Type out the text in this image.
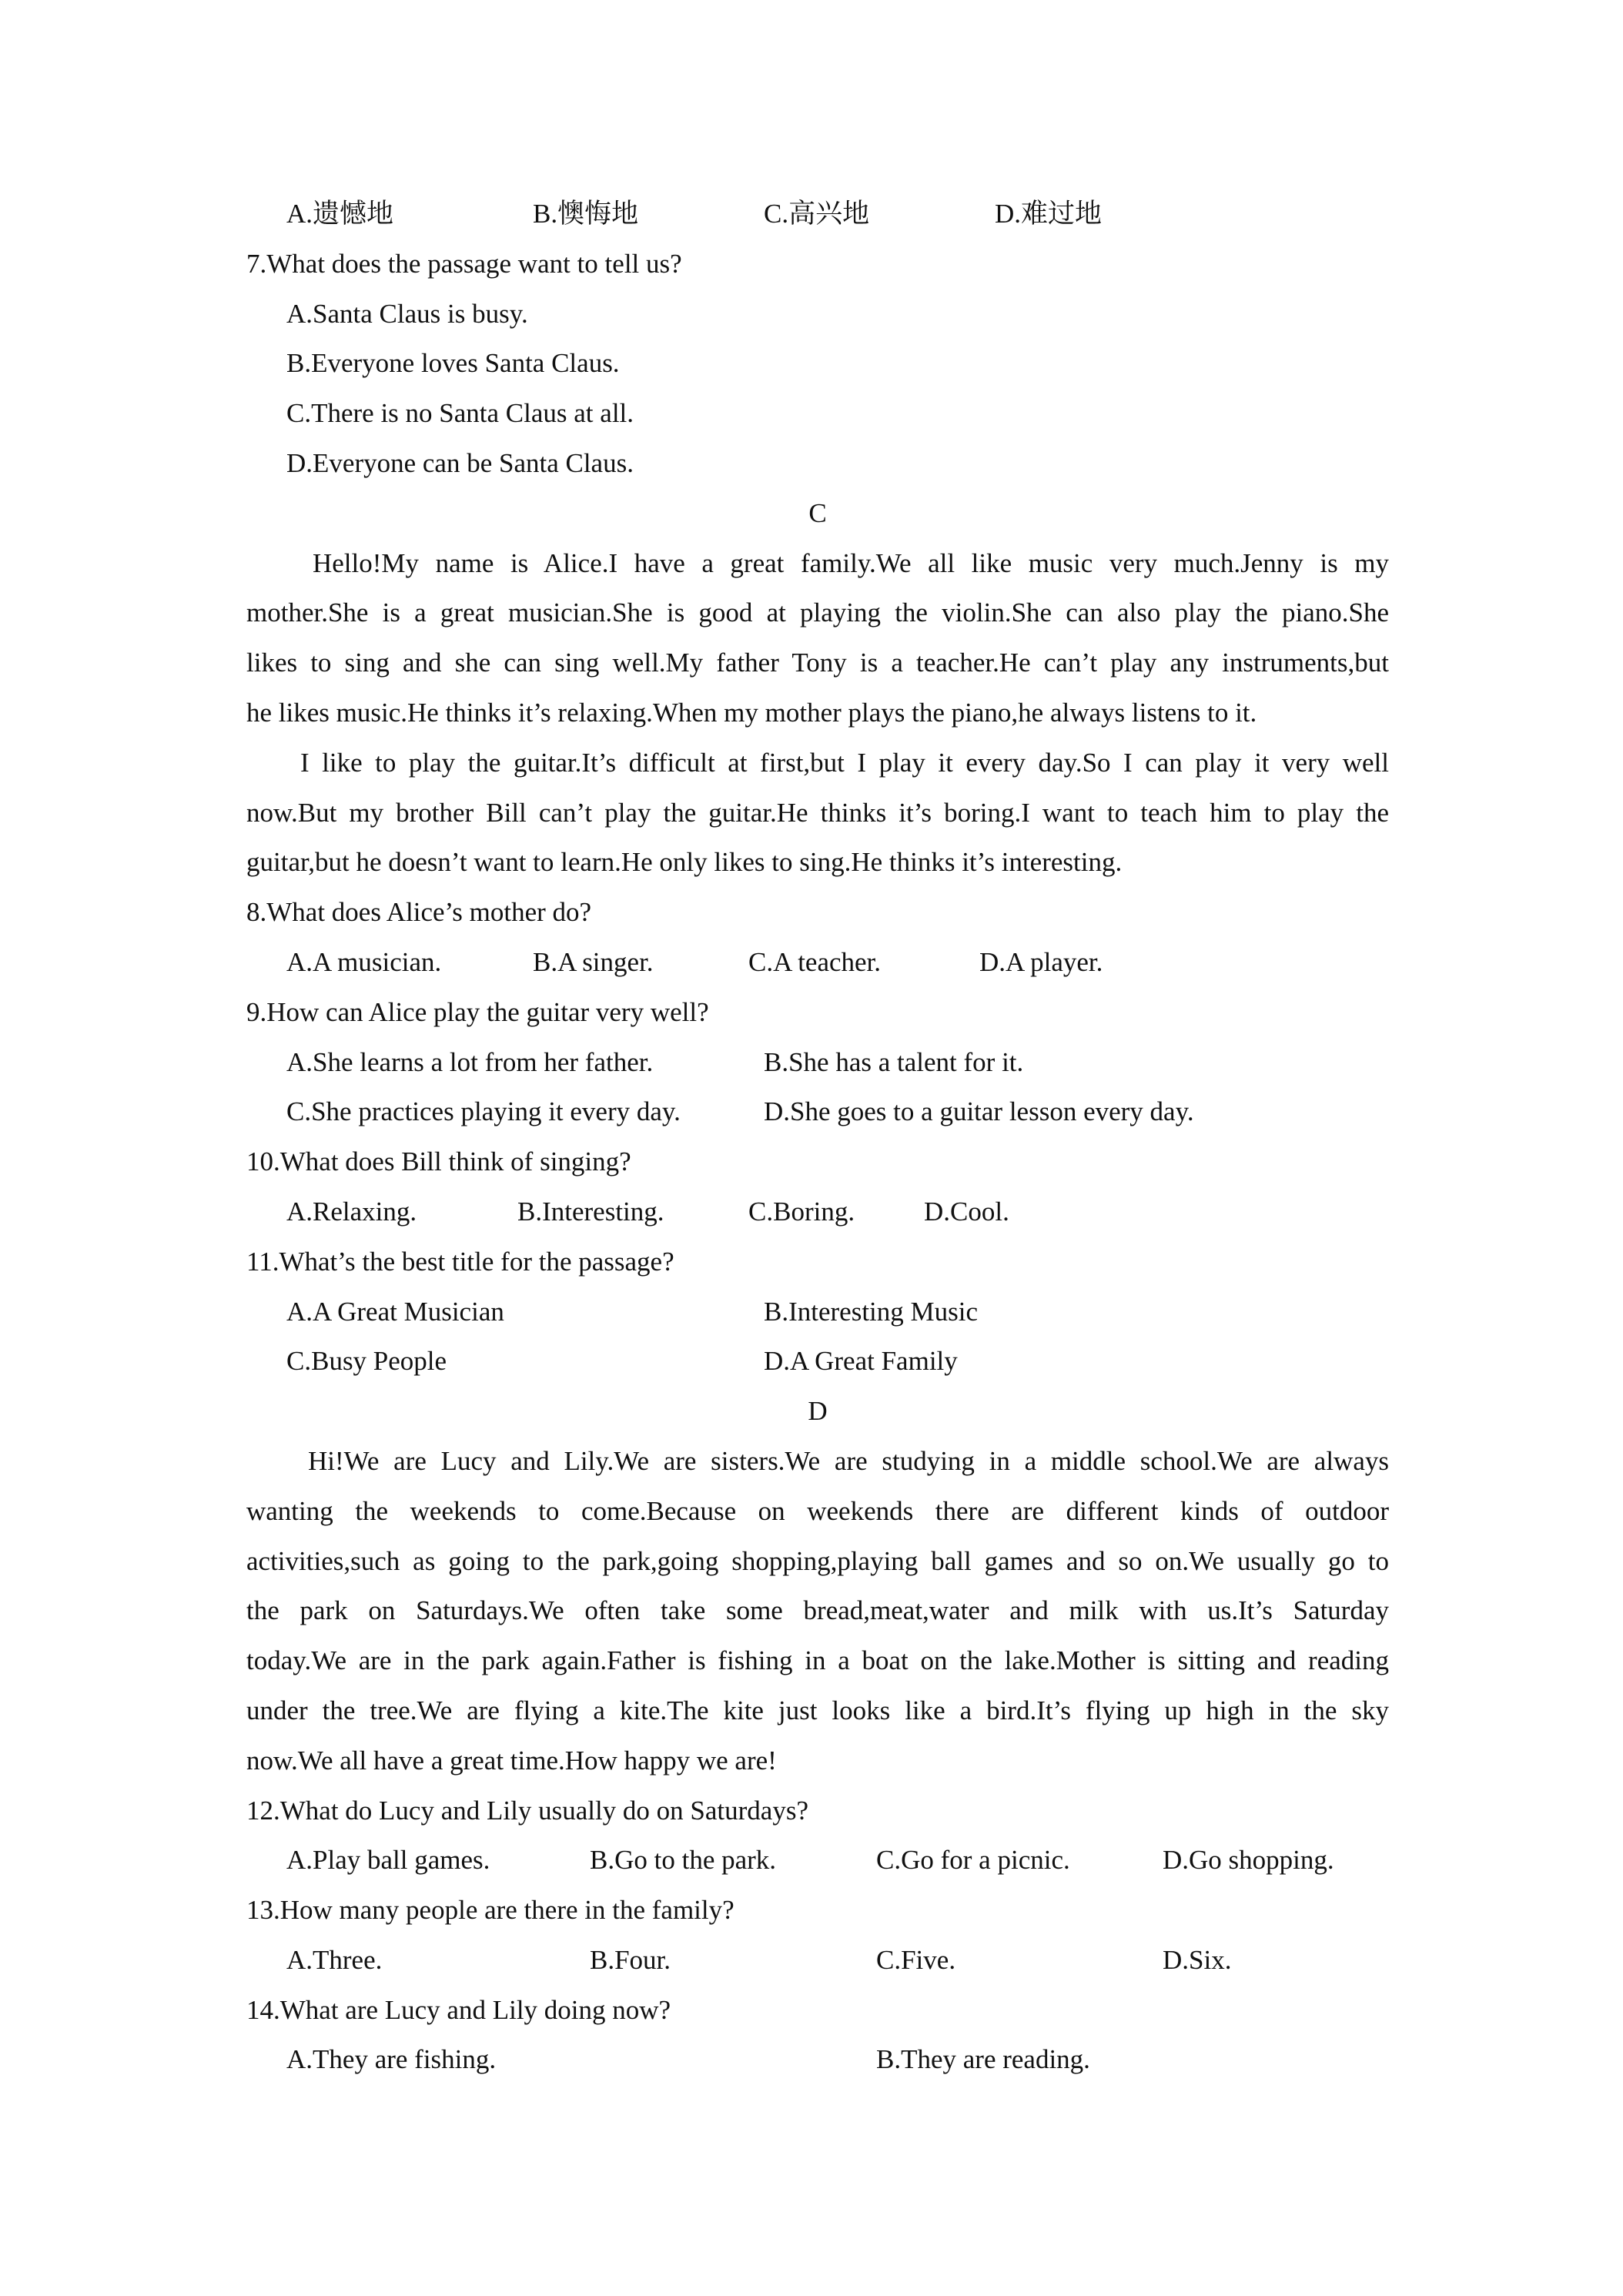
A.遗憾地	B.懊悔地	C.高兴地	D.难过地
7.What does the passage want to tell us?
A.Santa Claus is busy.
B.Everyone loves Santa Claus.
C.There is no Santa Claus at all.
D.Everyone can be Santa Claus.
C
Hello!My name is Alice.I have a great family.We all like music very much.Jenny is my
mother.She is a great musician.She is good at playing the violin.She can also play the piano.She
likes to sing and she can sing well.My father Tony is a teacher.He can’t play any instruments,but
he likes music.He thinks it’s relaxing.When my mother plays the piano,he always listens to it.
I like to play the guitar.It’s difficult at first,but I play it every day.So I can play it very well
now.But my brother Bill can’t play the guitar.He thinks it’s boring.I want to teach him to play the
guitar,but he doesn’t want to learn.He only likes to sing.He thinks it’s interesting.
8.What does Alice’s mother do?
A.A musician.	B.A singer.	C.A teacher.	D.A player.
9.How can Alice play the guitar very well?
A.She learns a lot from her father.	B.She has a talent for it.
C.She practices playing it every day.	D.She goes to a guitar lesson every day.
10.What does Bill think of singing?
A.Relaxing.	B.Interesting.	C.Boring.	D.Cool.
11.What’s the best title for the passage?
A.A Great Musician	B.Interesting Music
C.Busy People	D.A Great Family
D
Hi!We are Lucy and Lily.We are sisters.We are studying in a middle school.We are always
wanting the weekends to come.Because on weekends there are different kinds of outdoor
activities,such as going to the park,going shopping,playing ball games and so on.We usually go to
the park on Saturdays.We often take some bread,meat,water and milk with us.It’s Saturday
today.We are in the park again.Father is fishing in a boat on the lake.Mother is sitting and reading
under the tree.We are flying a kite.The kite just looks like a bird.It’s flying up high in the sky
now.We all have a great time.How happy we are!
12.What do Lucy and Lily usually do on Saturdays?
A.Play ball games.	B.Go to the park.	C.Go for a picnic.	D.Go shopping.
13.How many people are there in the family?
A.Three.	B.Four.	C.Five.	D.Six.
14.What are Lucy and Lily doing now?
A.They are fishing.	B.They are reading.
